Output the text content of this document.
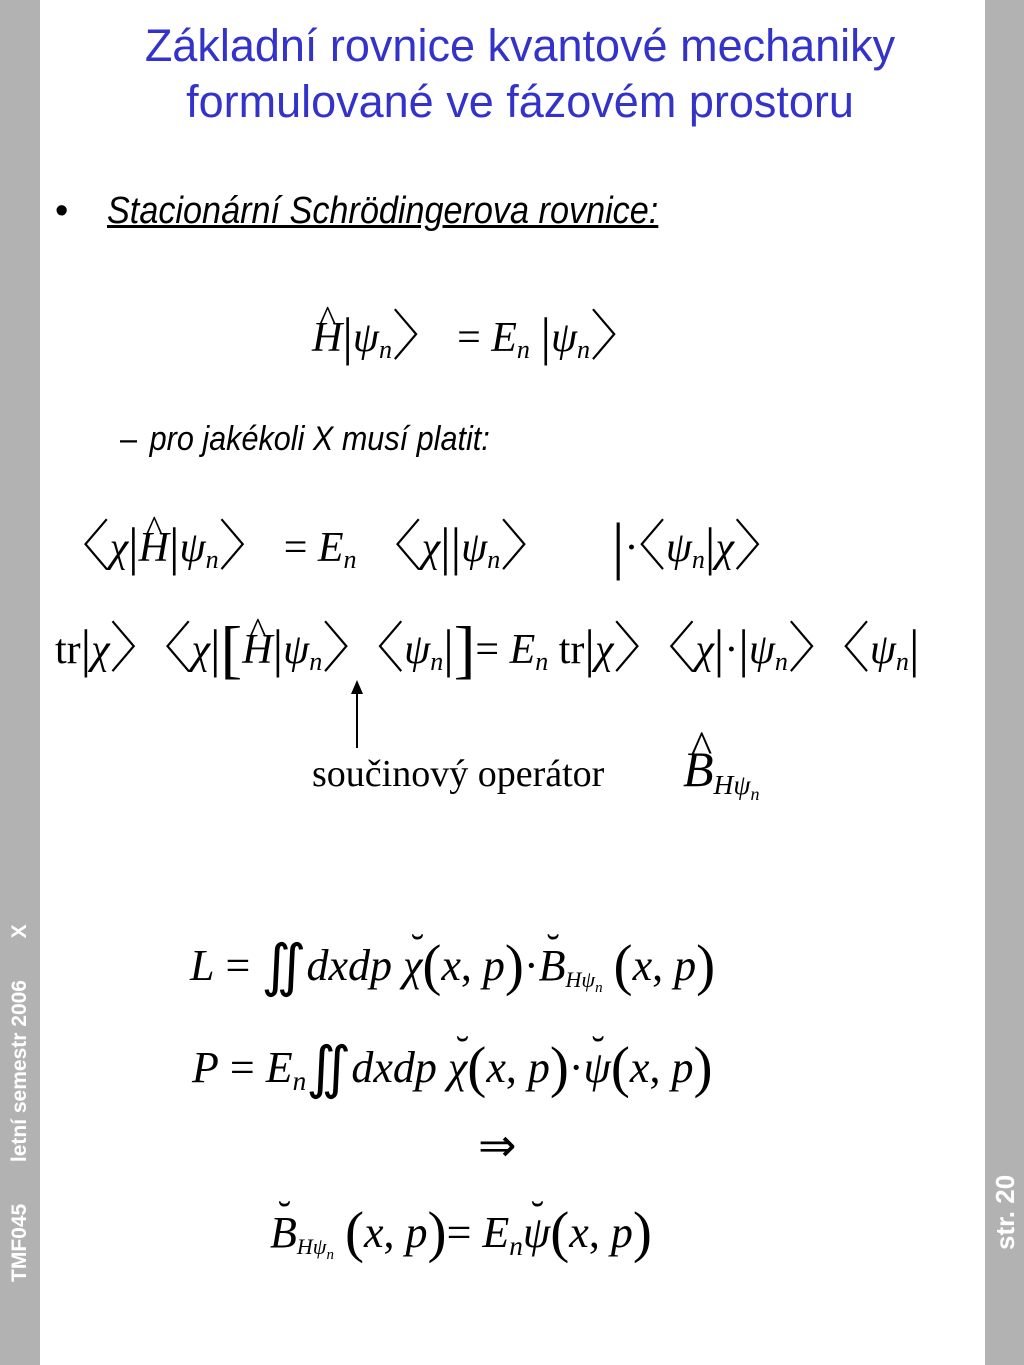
TMF045  letní semestr 2006  X
str. 20
Základní rovnice kvantové mechaniky
formulované ve fázovém prostoru
• Stacionární Schrödingerova rovnice:
^ H|ψn〉 = En |ψn〉
– pro jakékoli X musí platit:
〈χ|^ H|ψn〉 = En 〈χ||ψn〉 |·〈ψn|χ〉
tr|χ〉〈χ|[^ H|ψn〉〈ψn|]= En tr|χ〉〈χ|·|ψn〉〈ψn|
součinový operátor ^ BHψ$_n$
L = ∬dxdp ˘ χ(x, p)·˘ BHψ$_n$ (x, p)
P = En∬dxdp ˘ χ(x, p)·˘ ψ(x, p)
⇒
˘ BHψ$_n$ (x, p)= En˘ ψ(x, p)
